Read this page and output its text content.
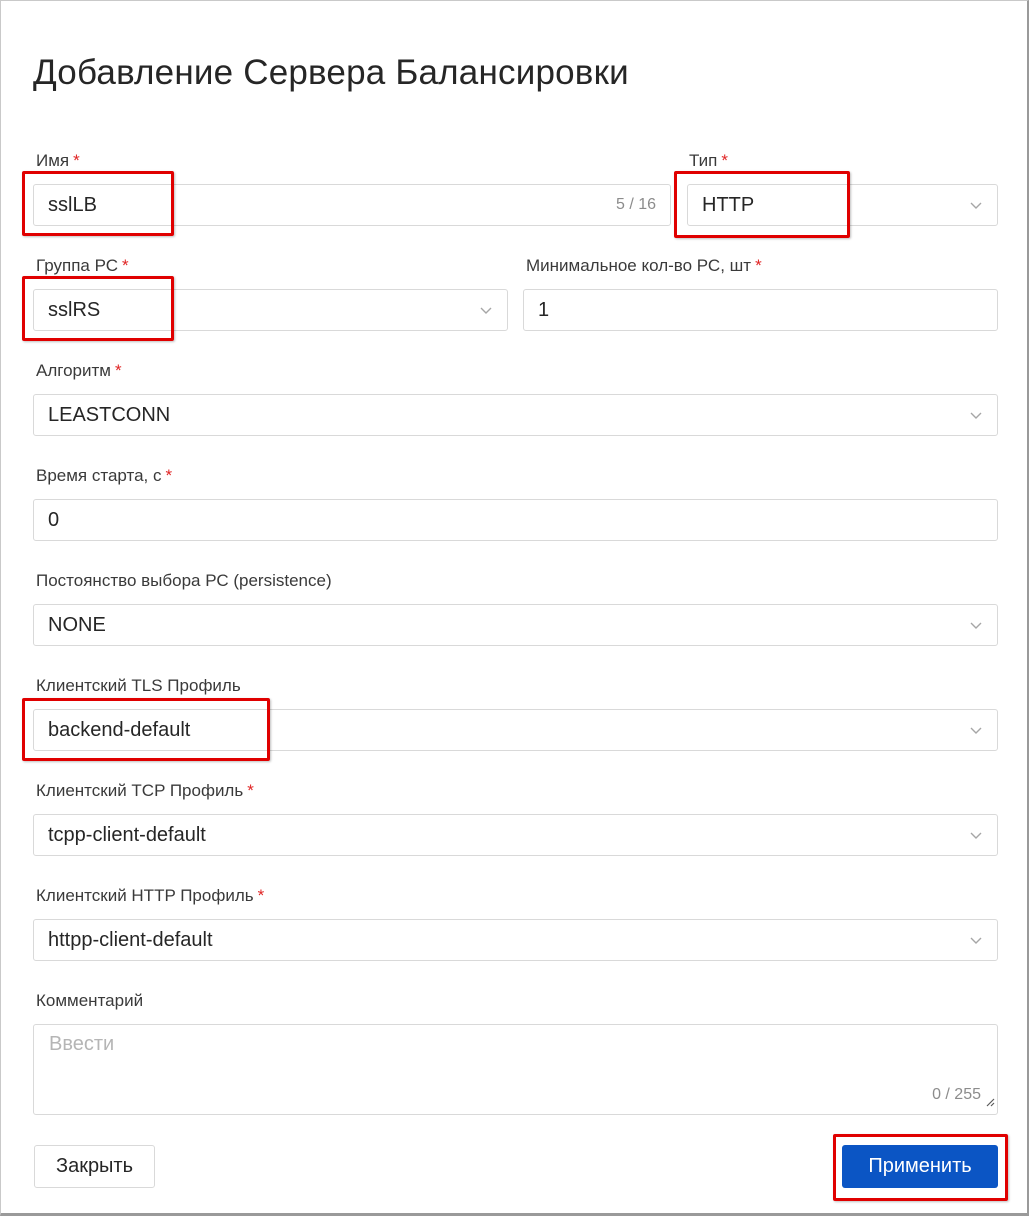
Добавление Сервера Балансировки
Имя *
sslLB	5 / 16
Тип *
HTTP
Группа РС *
sslRS
Минимальное кол-во РС, шт *
1
Алгоритм *
LEASTCONN
Время старта, с *
0
Постоянство выбора РС (persistence)
NONE
Клиентский TLS Профиль
backend-default
Клиентский TCP Профиль *
tcpp-client-default
Клиентский HTTP Профиль *
httpp-client-default
Комментарий
Ввести
0 / 255
Закрыть	Применить
